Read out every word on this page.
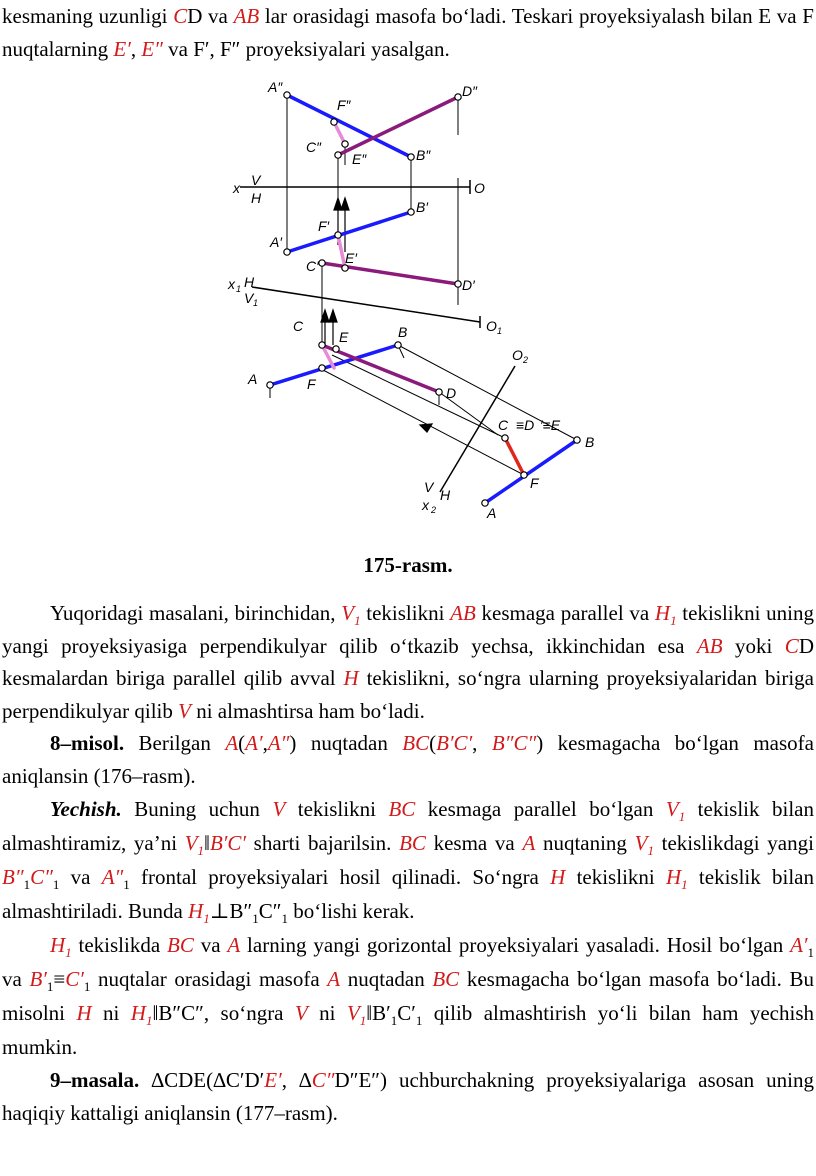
kesmaning uzunligi CD va AB lar orasidagi masofa bo‘ladi. Teskari proyeksiyalash bilan E va F nuqtalarning E′, E″ va F′, F″ proyeksiyalari yasalgan.

A″	D″
F″
C″
E″	B″
x V
H
O
B′
F′
A′
E′
C′
D′
x 1 H
V 1
O 1
C
E	B
A	F
D
O 2
C ≡D ′≡E
B
F
A
V H
x 2
175-rasm.

Yuqoridagi masalani, birinchidan, $V_1$ tekislikni AB kesmaga parallel va $H_1$ tekislikni uning yangi proyeksiyasiga perpendikulyar qilib o‘tkazib yechsa, ikkinchidan esa AB yoki CD kesmalardan biriga parallel qilib avval H tekislikni, so‘ngra ularning proyeksiyalaridan biriga perpendikulyar qilib V ni almashtirsa ham bo‘ladi.

8–misol. Berilgan A(A′,A″) nuqtadan BC(B′C′, B″C″) kesmagacha bo‘lgan masofa aniqlansin (176–rasm).

Yechish. Buning uchun V tekislikni BC kesmaga parallel bo‘lgan $V_1$ tekislik bilan almashtiramiz, ya’ni $V_1‖B'C'$ sharti bajarilsin. BC kesma va A nuqtaning $V_1$ tekislikdagi yangi $B''_1C''_1$ va $A''_1$ frontal proyeksiyalari hosil qilinadi. So‘ngra H tekislikni $H_1$ tekislik bilan almashtiriladi. Bunda $H_1\perp B''_1C''_1$ bo‘lishi kerak.

$H_1$ tekislikda BC va A larning yangi gorizontal proyeksiyalari yasaladi. Hosil bo‘lgan $A'_1$ va $B'_1\equiv C'_1$ nuqtalar orasidagi masofa A nuqtadan BC kesmagacha bo‘lgan masofa bo‘ladi. Bu misolni H ni $H_1‖B''C''$, so‘ngra V ni $V_1‖B'_1C'_1$ qilib almashtirish yo‘li bilan ham yechish mumkin.

9–masala. ∆CDE(∆C′D′E′, ∆C″D″E″) uchburchakning proyeksiyalariga asosan uning haqiqiy kattaligi aniqlansin (177–rasm).
